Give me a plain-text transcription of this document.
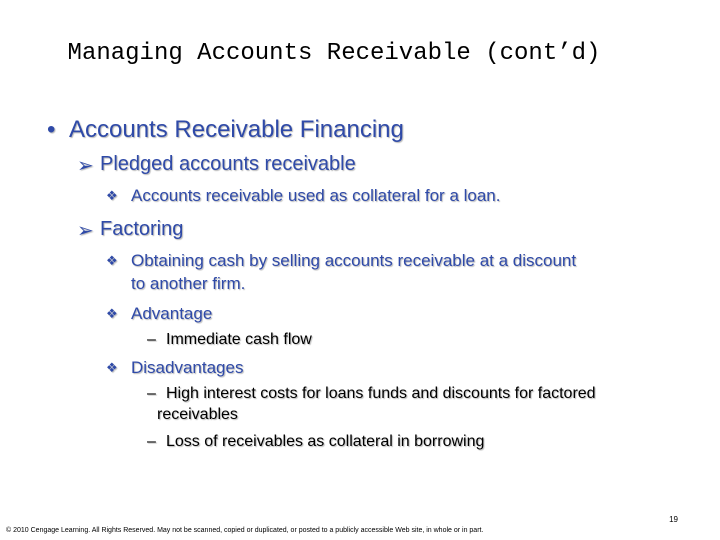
Managing Accounts Receivable (cont’d)
• Accounts Receivable Financing
➢ Pledged accounts receivable
❖ Accounts receivable used as collateral for a loan.
➢ Factoring
❖ Obtaining cash by selling accounts receivable at a discount
to another firm.
❖ Advantage
– Immediate cash flow
❖ Disadvantages
– High interest costs for loans funds and discounts for factored
receivables
– Loss of receivables as collateral in borrowing
19
© 2010 Cengage Learning. All Rights Reserved. May not be scanned, copied or duplicated, or posted to a publicly accessible Web site, in whole or in part.
